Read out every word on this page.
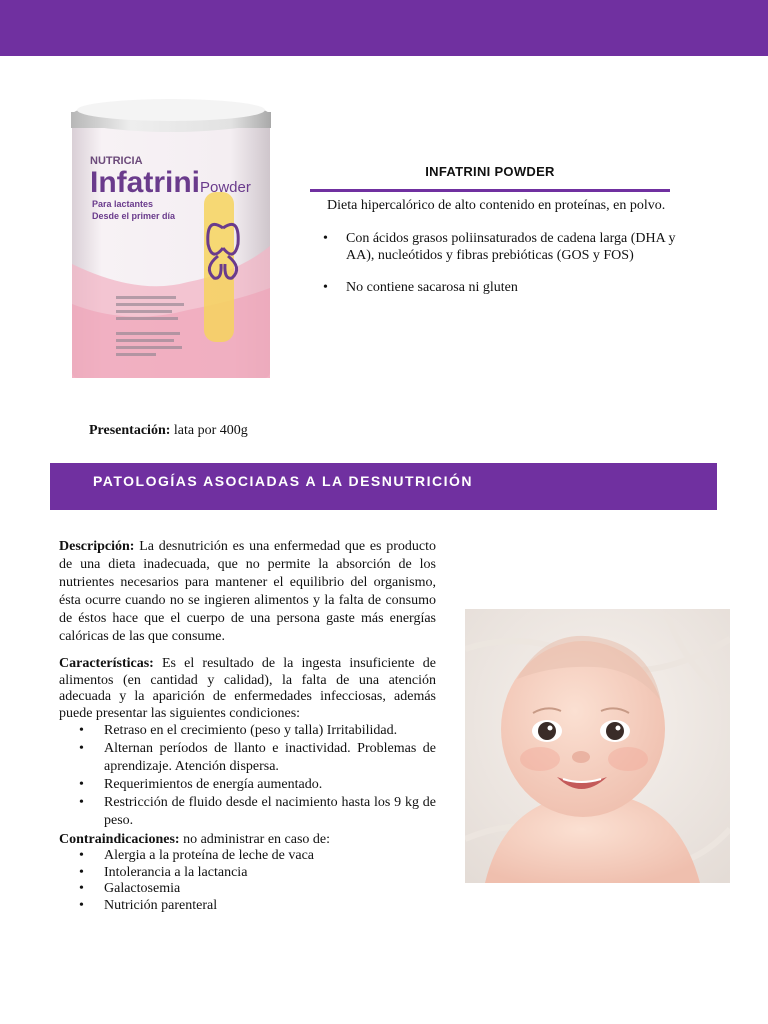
NUTRICIA
Infatrini Powder
Para lactantes
Desde el primer día
INFATRINI POWDER
Dieta hipercalórico de alto contenido en proteínas, en polvo.
• Con ácidos grasos poliinsaturados de cadena larga (DHA y AA), nucleótidos y fibras prebióticas (GOS y FOS)
• No contiene sacarosa ni gluten
Presentación: lata por 400g
PATOLOGÍAS ASOCIADAS A LA DESNUTRICIÓN

Descripción: La desnutrición es una enfermedad que es producto de una dieta inadecuada, que no permite la absorción de los nutrientes necesarios para mantener el equilibrio del organismo, ésta ocurre cuando no se ingieren alimentos y la falta de consumo de éstos hace que el cuerpo de una persona gaste más energías calóricas de las que consume.

Características: Es el resultado de la ingesta insuficiente de alimentos (en cantidad y calidad), la falta de una atención adecuada y la aparición de enfermedades infecciosas, además puede presentar las siguientes condiciones:

• Retraso en el crecimiento (peso y talla) Irritabilidad.
• Alternan períodos de llanto e inactividad. Problemas de aprendizaje. Atención dispersa.
• Requerimientos de energía aumentado.
• Restricción de fluido desde el nacimiento hasta los 9 kg de peso.

Contraindicaciones: no administrar en caso de:

• Alergia a la proteína de leche de vaca
• Intolerancia a la lactancia
• Galactosemia
• Nutrición parenteral
